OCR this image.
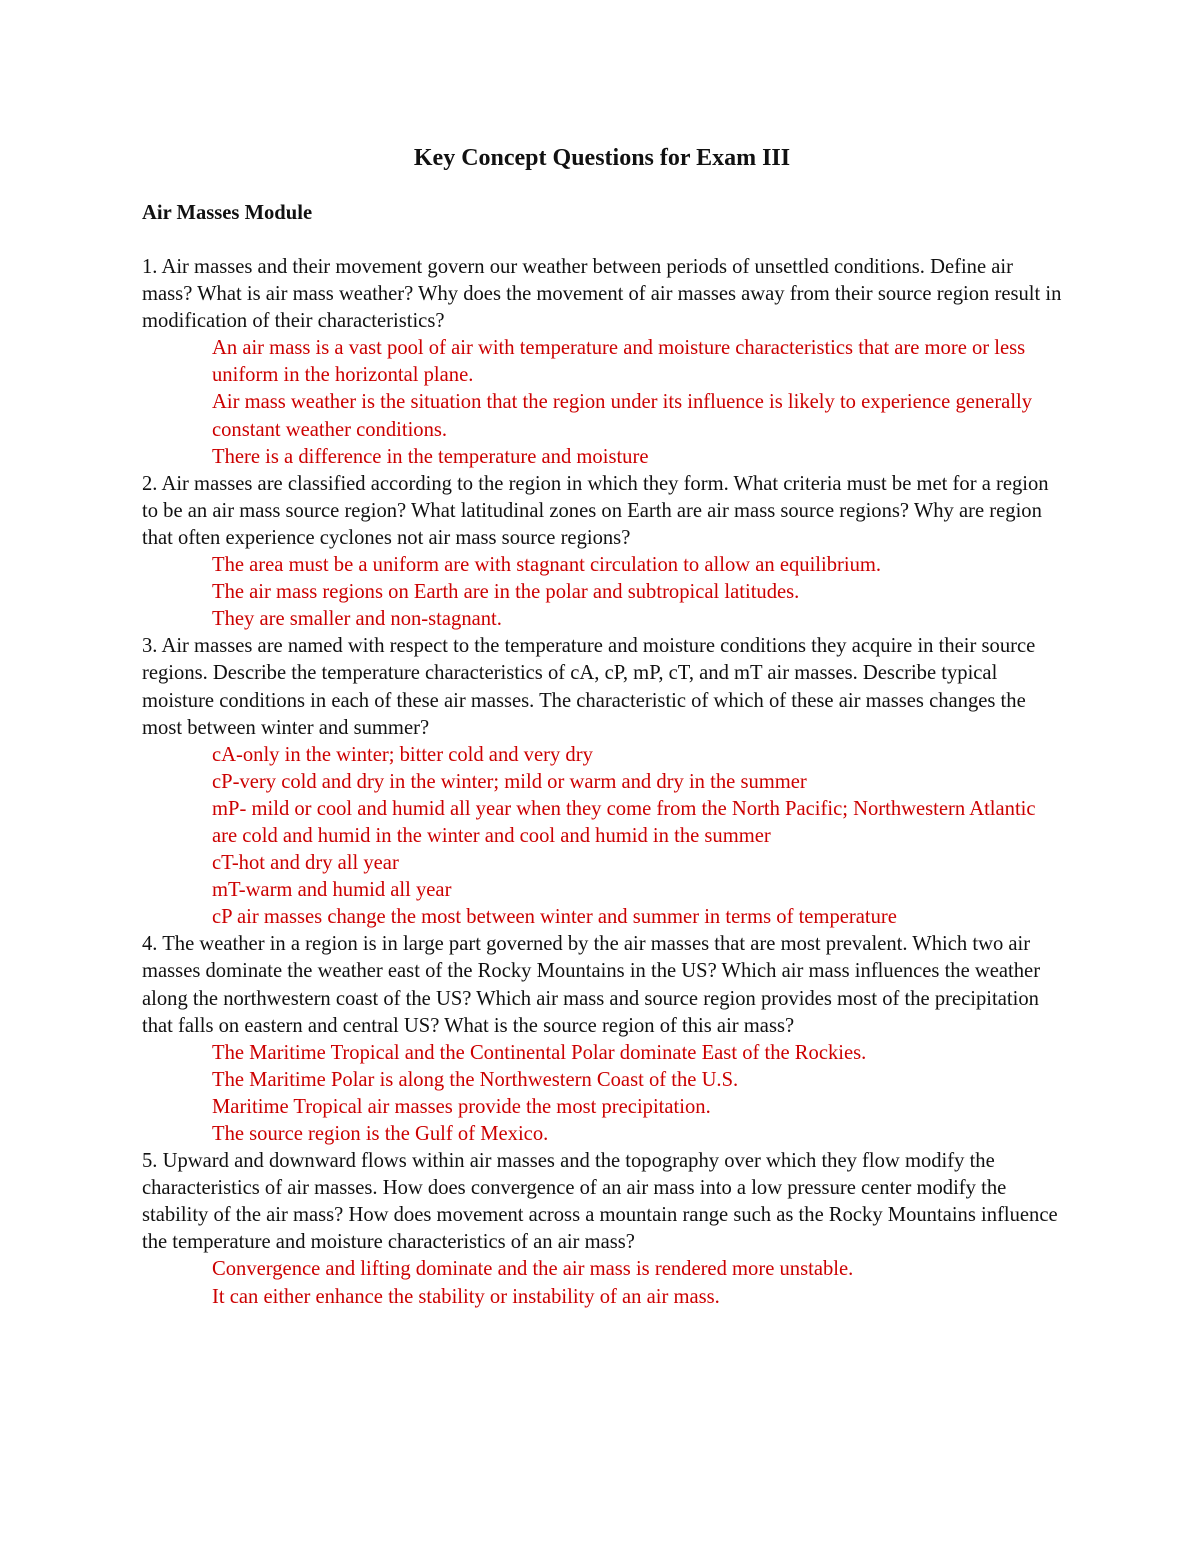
Key Concept Questions for Exam III
Air Masses Module

1. Air masses and their movement govern our weather between periods of unsettled conditions. Define air mass? What is air mass weather? Why does the movement of air masses away from their source region result in modification of their characteristics?

An air mass is a vast pool of air with temperature and moisture characteristics that are more or less uniform in the horizontal plane.
Air mass weather is the situation that the region under its influence is likely to experience generally constant weather conditions.
There is a difference in the temperature and moisture

2. Air masses are classified according to the region in which they form. What criteria must be met for a region to be an air mass source region? What latitudinal zones on Earth are air mass source regions? Why are region that often experience cyclones not air mass source regions?

The area must be a uniform are with stagnant circulation to allow an equilibrium.
The air mass regions on Earth are in the polar and subtropical latitudes.
They are smaller and non-stagnant.

3. Air masses are named with respect to the temperature and moisture conditions they acquire in their source regions. Describe the temperature characteristics of cA, cP, mP, cT, and mT air masses. Describe typical moisture conditions in each of these air masses. The characteristic of which of these air masses changes the most between winter and summer?

cA-only in the winter; bitter cold and very dry
cP-very cold and dry in the winter; mild or warm and dry in the summer
mP- mild or cool and humid all year when they come from the North Pacific; Northwestern Atlantic are cold and humid in the winter and cool and humid in the summer
cT-hot and dry all year
mT-warm and humid all year
cP air masses change the most between winter and summer in terms of temperature

4. The weather in a region is in large part governed by the air masses that are most prevalent. Which two air masses dominate the weather east of the Rocky Mountains in the US? Which air mass influences the weather along the northwestern coast of the US? Which air mass and source region provides most of the precipitation that falls on eastern and central US? What is the source region of this air mass?

The Maritime Tropical and the Continental Polar dominate East of the Rockies.
The Maritime Polar is along the Northwestern Coast of the U.S.
Maritime Tropical air masses provide the most precipitation.
The source region is the Gulf of Mexico.

5. Upward and downward flows within air masses and the topography over which they flow modify the characteristics of air masses. How does convergence of an air mass into a low pressure center modify the stability of the air mass? How does movement across a mountain range such as the Rocky Mountains influence the temperature and moisture characteristics of an air mass?

Convergence and lifting dominate and the air mass is rendered more unstable.
It can either enhance the stability or instability of an air mass.
